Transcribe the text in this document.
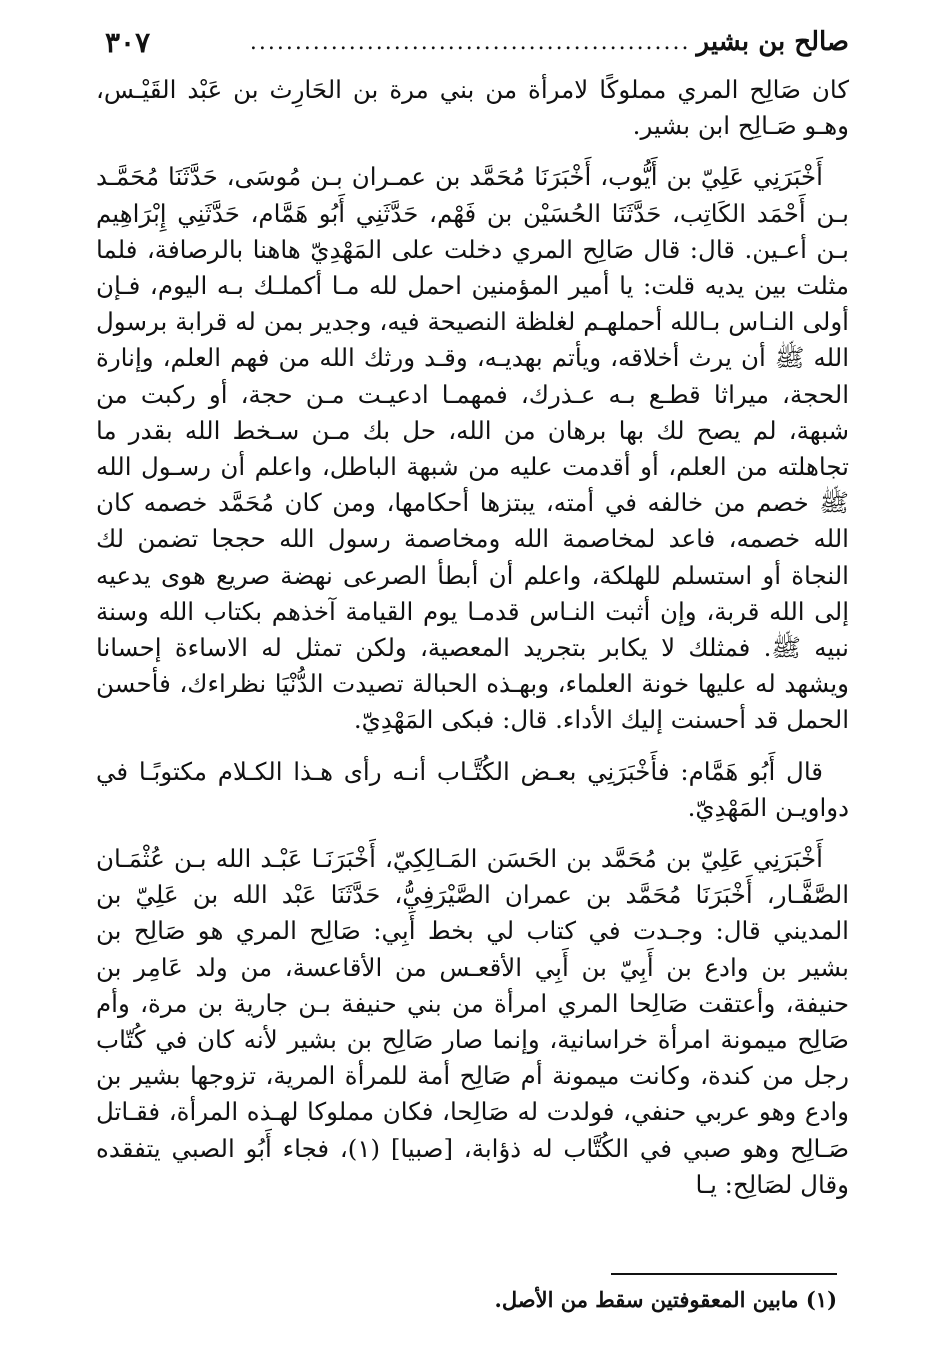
صالح بن بشير
.................................................
٣٠٧

كان صَالِح المري مملوكًا لامرأة من بني مرة بن الحَارِث بن عَبْد القَيْـس، وهـو صَـالِح ابن بشير.

أَخْبَرَنِي عَلِيّ بن أَيُّوب، أَخْبَرَنَا مُحَمَّد بن عمـران بـن مُوسَى، حَدَّثَنَا مُحَمَّـد بـن أَحْمَد الكَاتِب، حَدَّثَنَا الحُسَيْن بن فَهْم، حَدَّثَنِي أَبُو هَمَّام، حَدَّثَنِي إِبْرَاهِيم بـن أعـين. قال: قال صَالِح المري دخلت على المَهْدِيّ هاهنا بالرصافة، فلما مثلت بين يديه قلت: يا أمير المؤمنين احمل لله مـا أكملـك بـه اليوم، فـإن أولى النـاس بـالله أحملهـم لغلظة النصيحة فيه، وجدير بمن له قرابة برسول الله ﷺ أن يرث أخلاقه، ويأتم بهديـه، وقـد ورثك الله من فهم العلم، وإنارة الحجة، ميراثا قطـع بـه عـذرك، فمهمـا ادعيـت مـن حجة، أو ركبت من شبهة، لم يصح لك بها برهان من الله، حل بك مـن سـخط الله بقدر ما تجاهلته من العلم، أو أقدمت عليه من شبهة الباطل، واعلم أن رسـول الله ﷺ خصم من خالفه في أمته، يبتزها أحكامها، ومن كان مُحَمَّد خصمه كان الله خصمه، فاعد لمخاصمة الله ومخاصمة رسول الله حججا تضمن لك النجاة أو استسلم للهلكة، واعلم أن أبطأ الصرعى نهضة صريع هوى يدعيه إلى الله قربة، وإن أثبت النـاس قدمـا يوم القيامة آخذهم بكتاب الله وسنة نبيه ﷺ. فمثلك لا يكابر بتجريد المعصية، ولكن تمثل له الاساءة إحسانا ويشهد له عليها خونة العلماء، وبهـذه الحبالة تصيدت الدُّنْيَا نظراءك، فأحسن الحمل قد أحسنت إليك الأداء. قال: فبكى المَهْدِيّ.

قال أَبُو هَمَّام: فأَخْبَرَنِي بعـض الكُتَّـاب أنـه رأى هـذا الكـلام مكتوبًـا في دواويـن المَهْدِيّ.

أَخْبَرَنِي عَلِيّ بن مُحَمَّد بن الحَسَن المَـالِكِيّ، أَخْبَرَنَـا عَبْـد الله بـن عُثْمَـان الصَّفَّـار، أَخْبَرَنَا مُحَمَّد بن عمران الصَّيْرَفِيُّ، حَدَّثَنَا عَبْد الله بن عَلِيّ بن المديني قال: وجـدت في كتاب لي بخط أَبِي: صَالِح المري هو صَالِح بن بشير بن وادع بن أَبِيّ بن أَبِي الأقعـس من الأقاعسة، من ولد عَامِر بن حنيفة، وأعتقت صَالِحا المري امرأة من بني حنيفة بـن جارية بن مرة، وأم صَالِح ميمونة امرأة خراسانية، وإنما صار صَالِح بن بشير لأنه كان في كُتّاب رجل من كندة، وكانت ميمونة أم صَالِح أمة للمرأة المرية، تزوجها بشير بن وادع وهو عربي حنفي، فولدت له صَالِحا، فكان مملوكا لهـذه المرأة، فقـاتل صَـالِح وهو صبي في الكُتَّاب له ذؤابة، [صبيا] (١)، فجاء أَبُو الصبي يتفقده وقال لصَالِح: يـا

(١) مابين المعقوفتين سقط من الأصل.
